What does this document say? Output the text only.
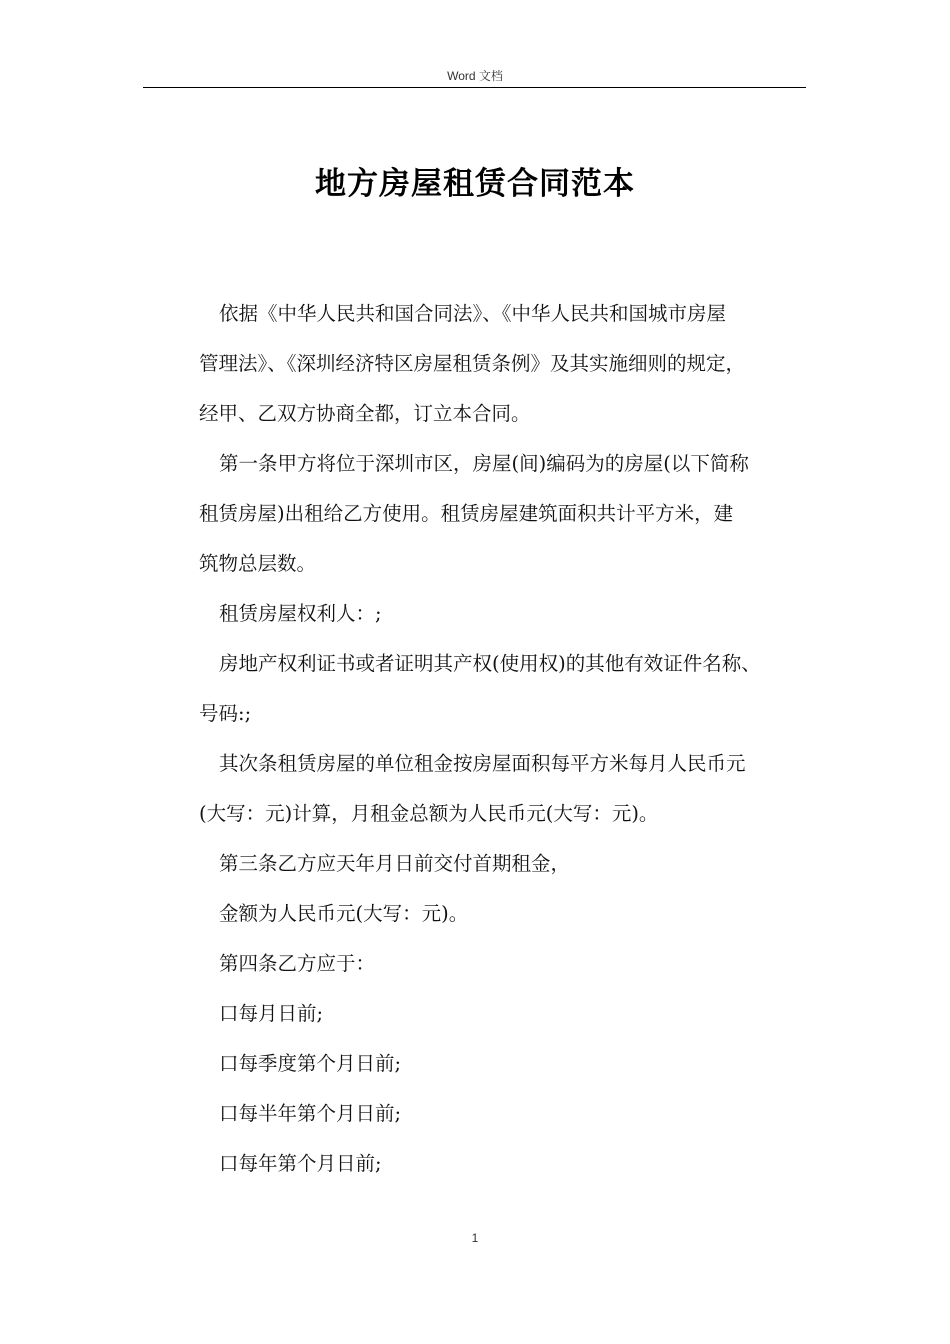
Word 文档
地方房屋租赁合同范本
依据《中华人民共和国合同法》、《中华人民共和国城市房屋
管理法》、《深圳经济特区房屋租赁条例》及其实施细则的规定，
经甲、乙双方协商全都，订立本合同。
第一条甲方将位于深圳市区，房屋(间)编码为的房屋(以下简称
租赁房屋)出租给乙方使用。租赁房屋建筑面积共计平方米，建
筑物总层数。
租赁房屋权利人：;
房地产权利证书或者证明其产权(使用权)的其他有效证件名称、
号码:;
其次条租赁房屋的单位租金按房屋面积每平方米每月人民币元
(大写：元)计算，月租金总额为人民币元(大写：元)。
第三条乙方应天年月日前交付首期租金，
金额为人民币元(大写：元)。
第四条乙方应于：
口每月日前;
口每季度第个月日前;
口每半年第个月日前;
口每年第个月日前;
1
